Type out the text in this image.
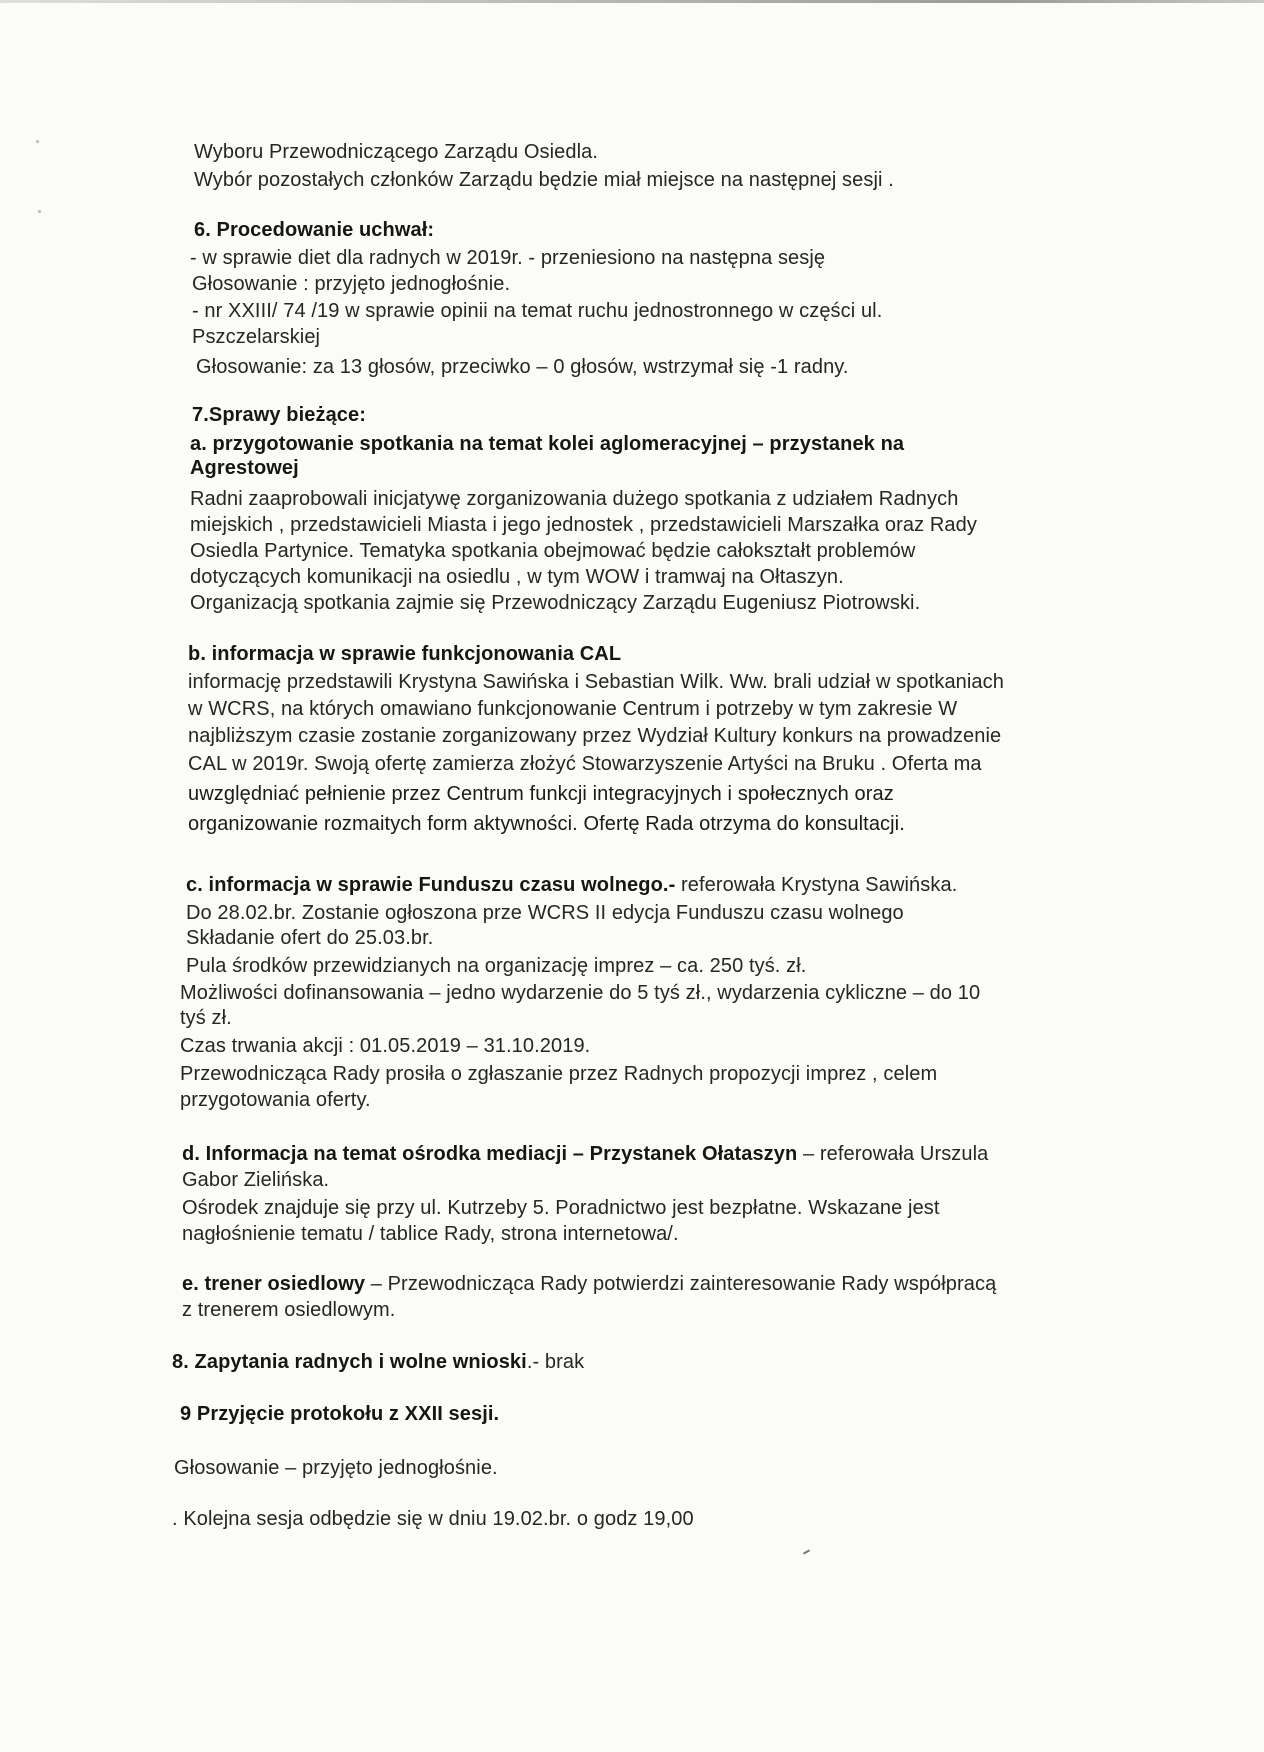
Wyboru Przewodniczącego Zarządu Osiedla.
Wybór pozostałych członków Zarządu będzie miał miejsce na następnej sesji .
6. Procedowanie uchwał:
- w sprawie diet dla radnych w 2019r. - przeniesiono na następna sesję
Głosowanie : przyjęto jednogłośnie.
- nr XXIII/ 74 /19 w sprawie opinii na temat ruchu jednostronnego w części ul.
Pszczelarskiej
Głosowanie: za 13 głosów, przeciwko – 0 głosów, wstrzymał się -1 radny.
7.Sprawy bieżące:
a. przygotowanie spotkania na temat kolei aglomeracyjnej – przystanek na
Agrestowej
Radni zaaprobowali inicjatywę zorganizowania dużego spotkania z udziałem Radnych
miejskich , przedstawicieli Miasta i jego jednostek , przedstawicieli Marszałka oraz Rady
Osiedla Partynice. Tematyka spotkania obejmować będzie całokształt problemów
dotyczących komunikacji na osiedlu , w tym WOW i tramwaj na Ołtaszyn.
Organizacją spotkania zajmie się Przewodniczący Zarządu Eugeniusz Piotrowski.
b. informacja w sprawie funkcjonowania CAL
informację przedstawili Krystyna Sawińska i Sebastian Wilk. Ww. brali udział w spotkaniach
w WCRS, na których omawiano funkcjonowanie Centrum i potrzeby w tym zakresie W
najbliższym czasie zostanie zorganizowany przez Wydział Kultury konkurs na prowadzenie
CAL w 2019r. Swoją ofertę zamierza złożyć Stowarzyszenie Artyści na Bruku . Oferta ma
uwzględniać pełnienie przez Centrum funkcji integracyjnych i społecznych oraz
organizowanie rozmaitych form aktywności. Ofertę Rada otrzyma do konsultacji.
c. informacja w sprawie Funduszu czasu wolnego.- referowała Krystyna Sawińska.
Do 28.02.br. Zostanie ogłoszona prze WCRS II edycja Funduszu czasu wolnego
Składanie ofert do 25.03.br.
Pula środków przewidzianych na organizację imprez – ca. 250 tyś. zł.
Możliwości dofinansowania – jedno wydarzenie do 5 tyś zł., wydarzenia cykliczne – do 10
tyś zł.
Czas trwania akcji : 01.05.2019 – 31.10.2019.
Przewodnicząca Rady prosiła o zgłaszanie przez Radnych propozycji imprez , celem
przygotowania oferty.
d. Informacja na temat ośrodka mediacji – Przystanek Ołataszyn – referowała Urszula
Gabor Zielińska.
Ośrodek znajduje się przy ul. Kutrzeby 5. Poradnictwo jest bezpłatne. Wskazane jest
nagłośnienie tematu / tablice Rady, strona internetowa/.
e. trener osiedlowy – Przewodnicząca Rady potwierdzi zainteresowanie Rady współpracą
z trenerem osiedlowym.
8. Zapytania radnych i wolne wnioski.- brak
9 Przyjęcie protokołu z XXII sesji.
Głosowanie – przyjęto jednogłośnie.
. Kolejna sesja odbędzie się w dniu 19.02.br. o godz 19,00
